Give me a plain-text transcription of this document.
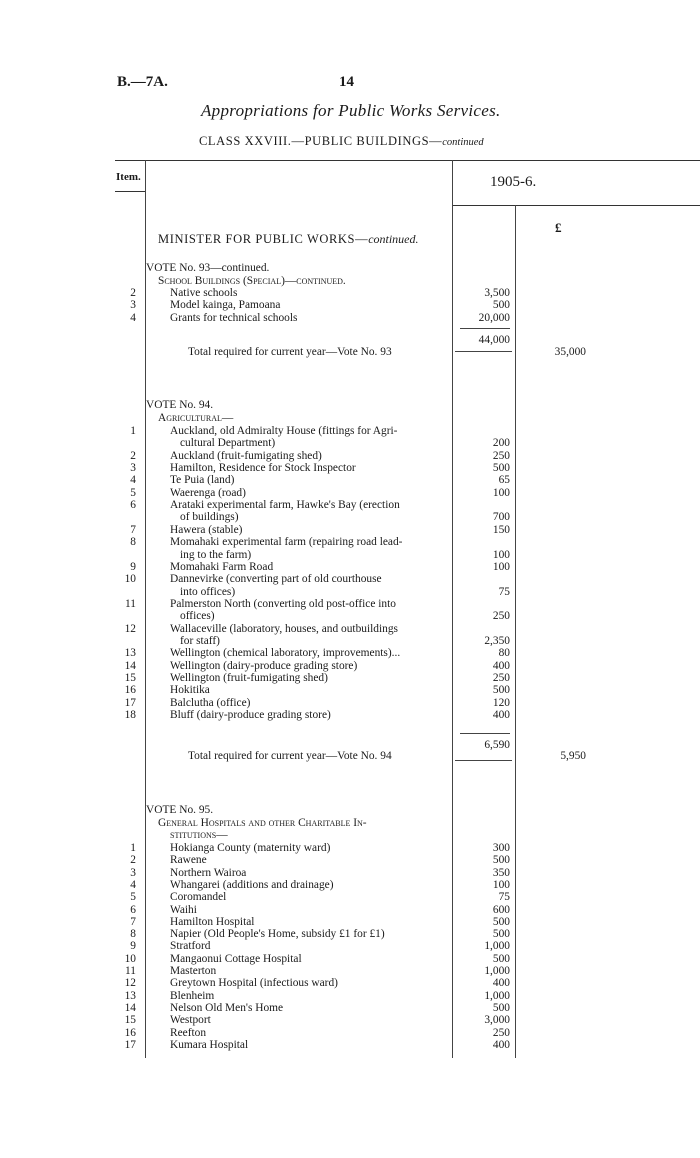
B.—7A.	14
Appropriations for Public Works Services.
CLASS XXVIII.—PUBLIC BUILDINGS—continued
Item.	1905-6.
£
MINISTER FOR PUBLIC WORKS—continued.
VOTE No. 93—continued.
School Buildings (Special)—continued.
2	Native schools	3,500
3	Model kainga, Pamoana	500
4	Grants for technical schools	20,000
44,000
Total required for current year—Vote No. 93	35,000
VOTE No. 94.
Agricultural—
1	Auckland, old Admiralty House (fittings for Agri-
cultural Department)	200
2	Auckland (fruit-fumigating shed)	250
3	Hamilton, Residence for Stock Inspector	500
4	Te Puia (land)	65
5	Waerenga (road)	100
6	Arataki experimental farm, Hawke's Bay (erection
of buildings)	700
7	Hawera (stable)	150
8	Momahaki experimental farm (repairing road lead-
ing to the farm)	100
9	Momahaki Farm Road	100
10	Dannevirke (converting part of old courthouse
into offices)	75
11	Palmerston North (converting old post-office into
offices)	250
12	Wallaceville (laboratory, houses, and outbuildings
for staff)	2,350
13	Wellington (chemical laboratory, improvements)...	80
14	Wellington (dairy-produce grading store)	400
15	Wellington (fruit-fumigating shed)	250
16	Hokitika	500
17	Balclutha (office)	120
18	Bluff (dairy-produce grading store)	400
6,590
Total required for current year—Vote No. 94	5,950
VOTE No. 95.
General Hospitals and other Charitable In-
stitutions—
1	Hokianga County (maternity ward)	300
2	Rawene	500
3	Northern Wairoa	350
4	Whangarei (additions and drainage)	100
5	Coromandel	75
6	Waihi	600
7	Hamilton Hospital	500
8	Napier (Old People's Home, subsidy £1 for £1)	500
9	Stratford	1,000
10	Mangaonui Cottage Hospital	500
11	Masterton	1,000
12	Greytown Hospital (infectious ward)	400
13	Blenheim	1,000
14	Nelson Old Men's Home	500
15	Westport	3,000
16	Reefton	250
17	Kumara Hospital	400
